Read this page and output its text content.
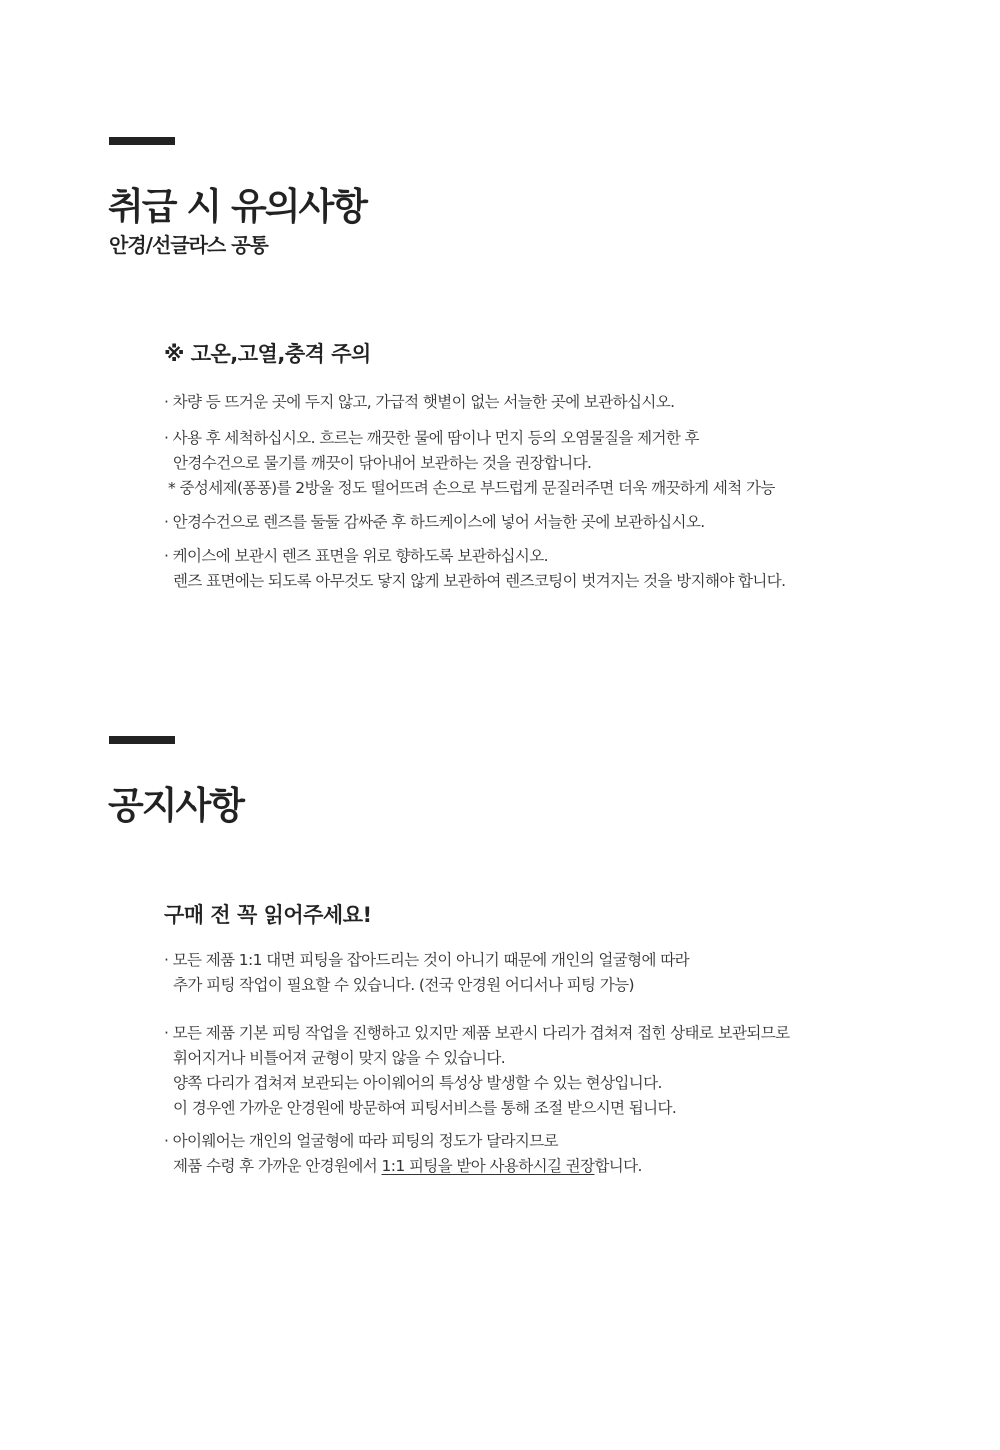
취급 시 유의사항
안경/선글라스 공통
※ 고온,고열,충격 주의
· 차량 등 뜨거운 곳에 두지 않고, 가급적 햇볕이 없는 서늘한 곳에 보관하십시오.
· 사용 후 세척하십시오. 흐르는 깨끗한 물에 땀이나 먼지 등의 오염물질을 제거한 후
안경수건으로 물기를 깨끗이 닦아내어 보관하는 것을 권장합니다.
* 중성세제(퐁퐁)를 2방울 정도 떨어뜨려 손으로 부드럽게 문질러주면 더욱 깨끗하게 세척 가능
· 안경수건으로 렌즈를 둘둘 감싸준 후 하드케이스에 넣어 서늘한 곳에 보관하십시오.
· 케이스에 보관시 렌즈 표면을 위로 향하도록 보관하십시오.
렌즈 표면에는 되도록 아무것도 닿지 않게 보관하여 렌즈코팅이 벗겨지는 것을 방지해야 합니다.
공지사항
구매 전 꼭 읽어주세요!
· 모든 제품 1:1 대면 피팅을 잡아드리는 것이 아니기 때문에 개인의 얼굴형에 따라
추가 피팅 작업이 필요할 수 있습니다. (전국 안경원 어디서나 피팅 가능)
· 모든 제품 기본 피팅 작업을 진행하고 있지만 제품 보관시 다리가 겹쳐져 접힌 상태로 보관되므로
휘어지거나 비틀어져 균형이 맞지 않을 수 있습니다.
양쪽 다리가 겹쳐져 보관되는 아이웨어의 특성상 발생할 수 있는 현상입니다.
이 경우엔 가까운 안경원에 방문하여 피팅서비스를 통해 조절 받으시면 됩니다.
· 아이웨어는 개인의 얼굴형에 따라 피팅의 정도가 달라지므로
제품 수령 후 가까운 안경원에서 1:1 피팅을 받아 사용하시길 권장합니다.
